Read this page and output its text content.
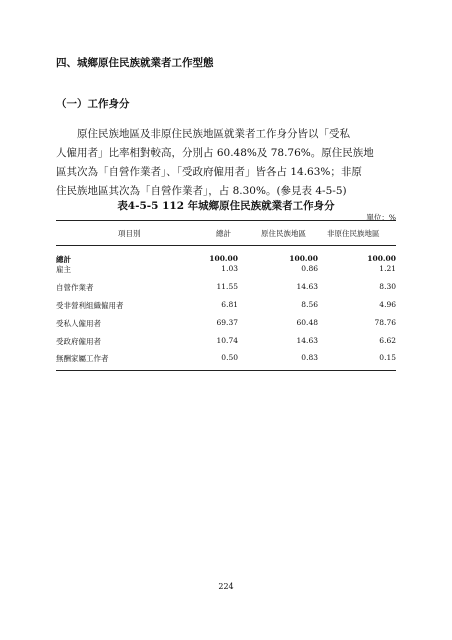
四、城鄉原住民族就業者工作型態
（一）工作身分
原住民族地區及非原住民族地區就業者工作身分皆以「受私
人僱用者」比率相對較高，分別占 60.48%及 78.76%。原住民族地
區其次為「自營作業者」、「受政府僱用者」皆各占 14.63%；非原
住民族地區其次為「自營作業者」，占 8.30%。(參見表 4-5-5)
表4-5-5 112 年城鄉原住民族就業者工作身分
單位：%
項目別	總計	原住民族地區	非原住民族地區
總計	100.00	100.00	100.00
雇主	1.03	0.86	1.21
自營作業者	11.55	14.63	8.30
受非營利組織僱用者	6.81	8.56	4.96
受私人僱用者	69.37	60.48	78.76
受政府僱用者	10.74	14.63	6.62
無酬家屬工作者	0.50	0.83	0.15
224
